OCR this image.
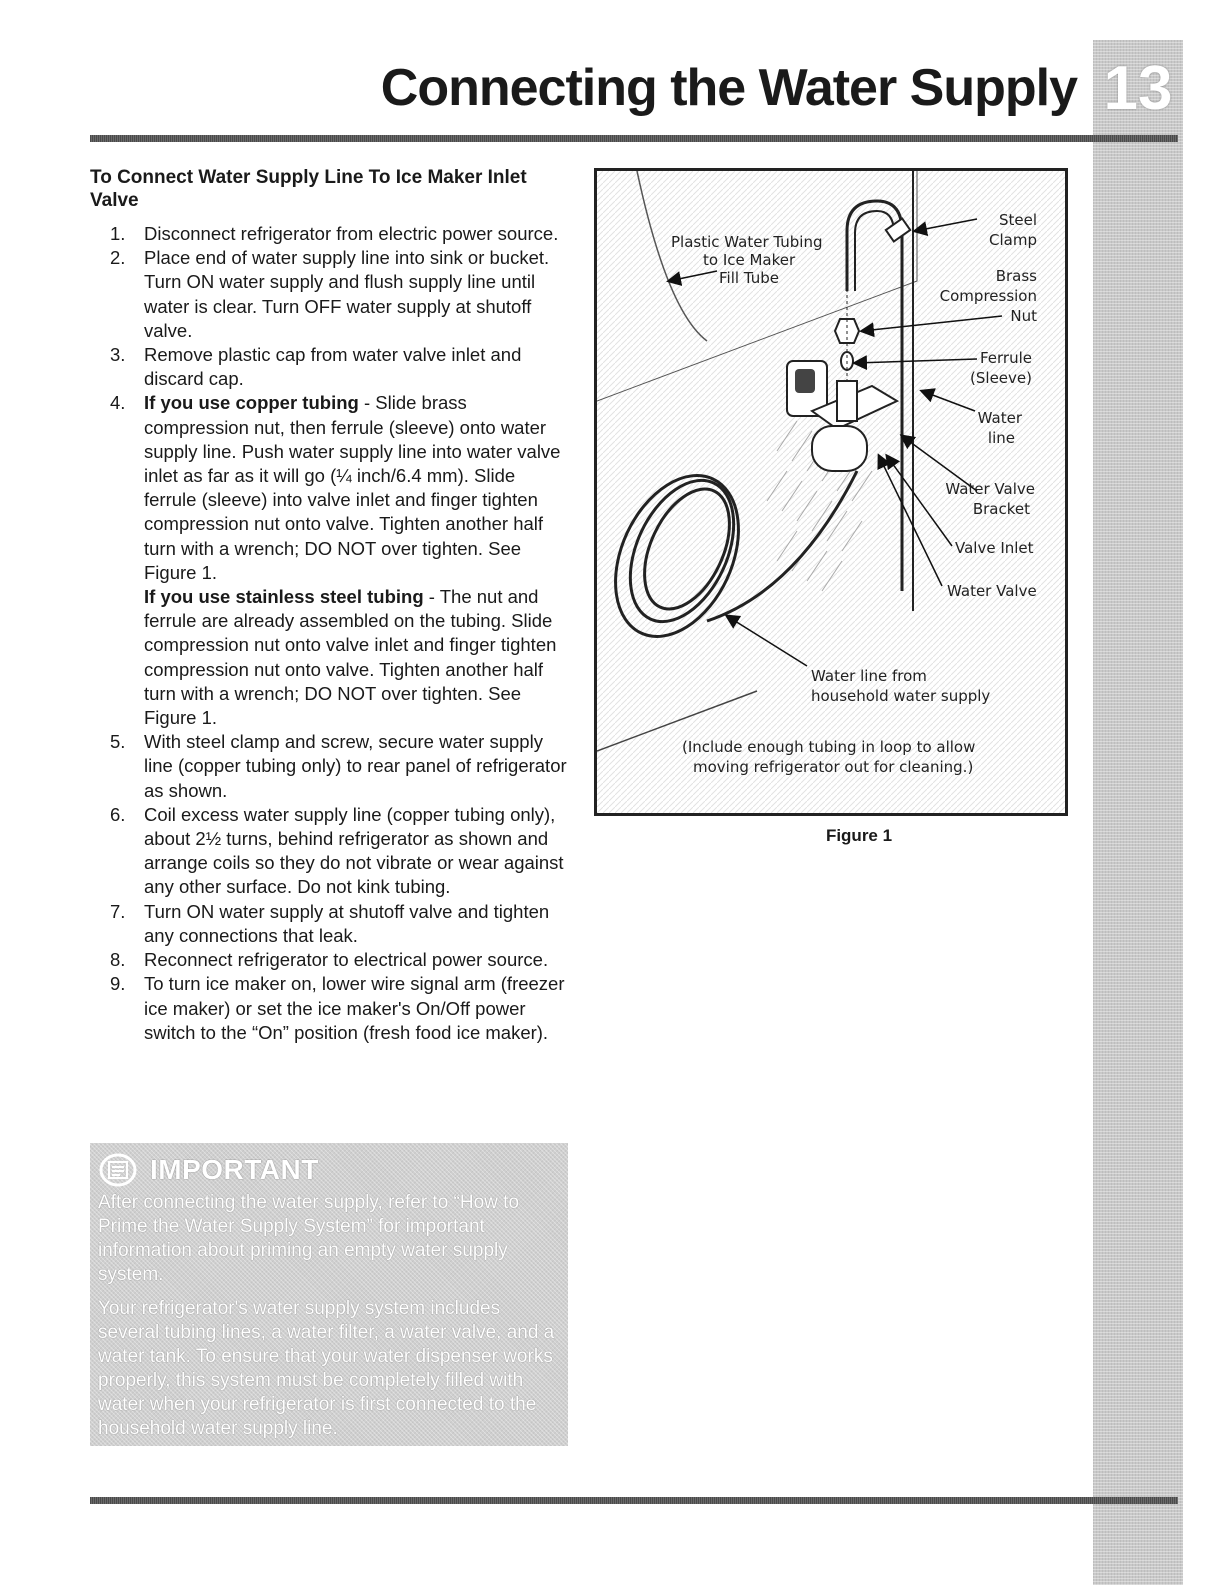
13
Connecting the Water Supply
To Connect Water Supply Line To Ice Maker Inlet Valve
1. Disconnect refrigerator from electric power source.

2. Place end of water supply line into sink or bucket. Turn ON water supply and flush supply line until water is clear. Turn OFF water supply at shutoff valve.

3. Remove plastic cap from water valve inlet and discard cap.

4. If you use copper tubing - Slide brass compression nut, then ferrule (sleeve) onto water supply line. Push water supply line into water valve inlet as far as it will go (¼ inch/6.4 mm). Slide ferrule (sleeve) into valve inlet and finger tighten compression nut onto valve. Tighten another half turn with a wrench; DO NOT over tighten. See Figure 1.

If you use stainless steel tubing - The nut and ferrule are already assembled on the tubing. Slide compression nut onto valve inlet and finger tighten compression nut onto valve. Tighten another half turn with a wrench; DO NOT over tighten. See Figure 1.

5. With steel clamp and screw, secure water supply line (copper tubing only) to rear panel of refrigerator as shown.

6. Coil excess water supply line (copper tubing only), about 2½ turns, behind refrigerator as shown and arrange coils so they do not vibrate or wear against any other surface. Do not kink tubing.

7. Turn ON water supply at shutoff valve and tighten any connections that leak.

8. Reconnect refrigerator to electrical power source.

9. To turn ice maker on, lower wire signal arm (freezer ice maker) or set the ice maker's On/Off power switch to the “On” position (fresh food ice maker).

IMPORTANT

After connecting the water supply, refer to “How to Prime the Water Supply System” for important information about priming an empty water supply system.

Your refrigerator's water supply system includes several tubing lines, a water filter, a water valve, and a water tank. To ensure that your water dispenser works properly, this system must be completely filled with water when your refrigerator is first connected to the household water supply line.

Plastic Water Tubing
to Ice Maker
Fill Tube
Steel
Clamp
Brass
Compression
Nut
Ferrule
(Sleeve)
Water
line
Water Valve
Bracket
Valve Inlet
Water Valve
Water line from
household water supply
(Include enough tubing in loop to allow
moving refrigerator out for cleaning.)
Figure 1
